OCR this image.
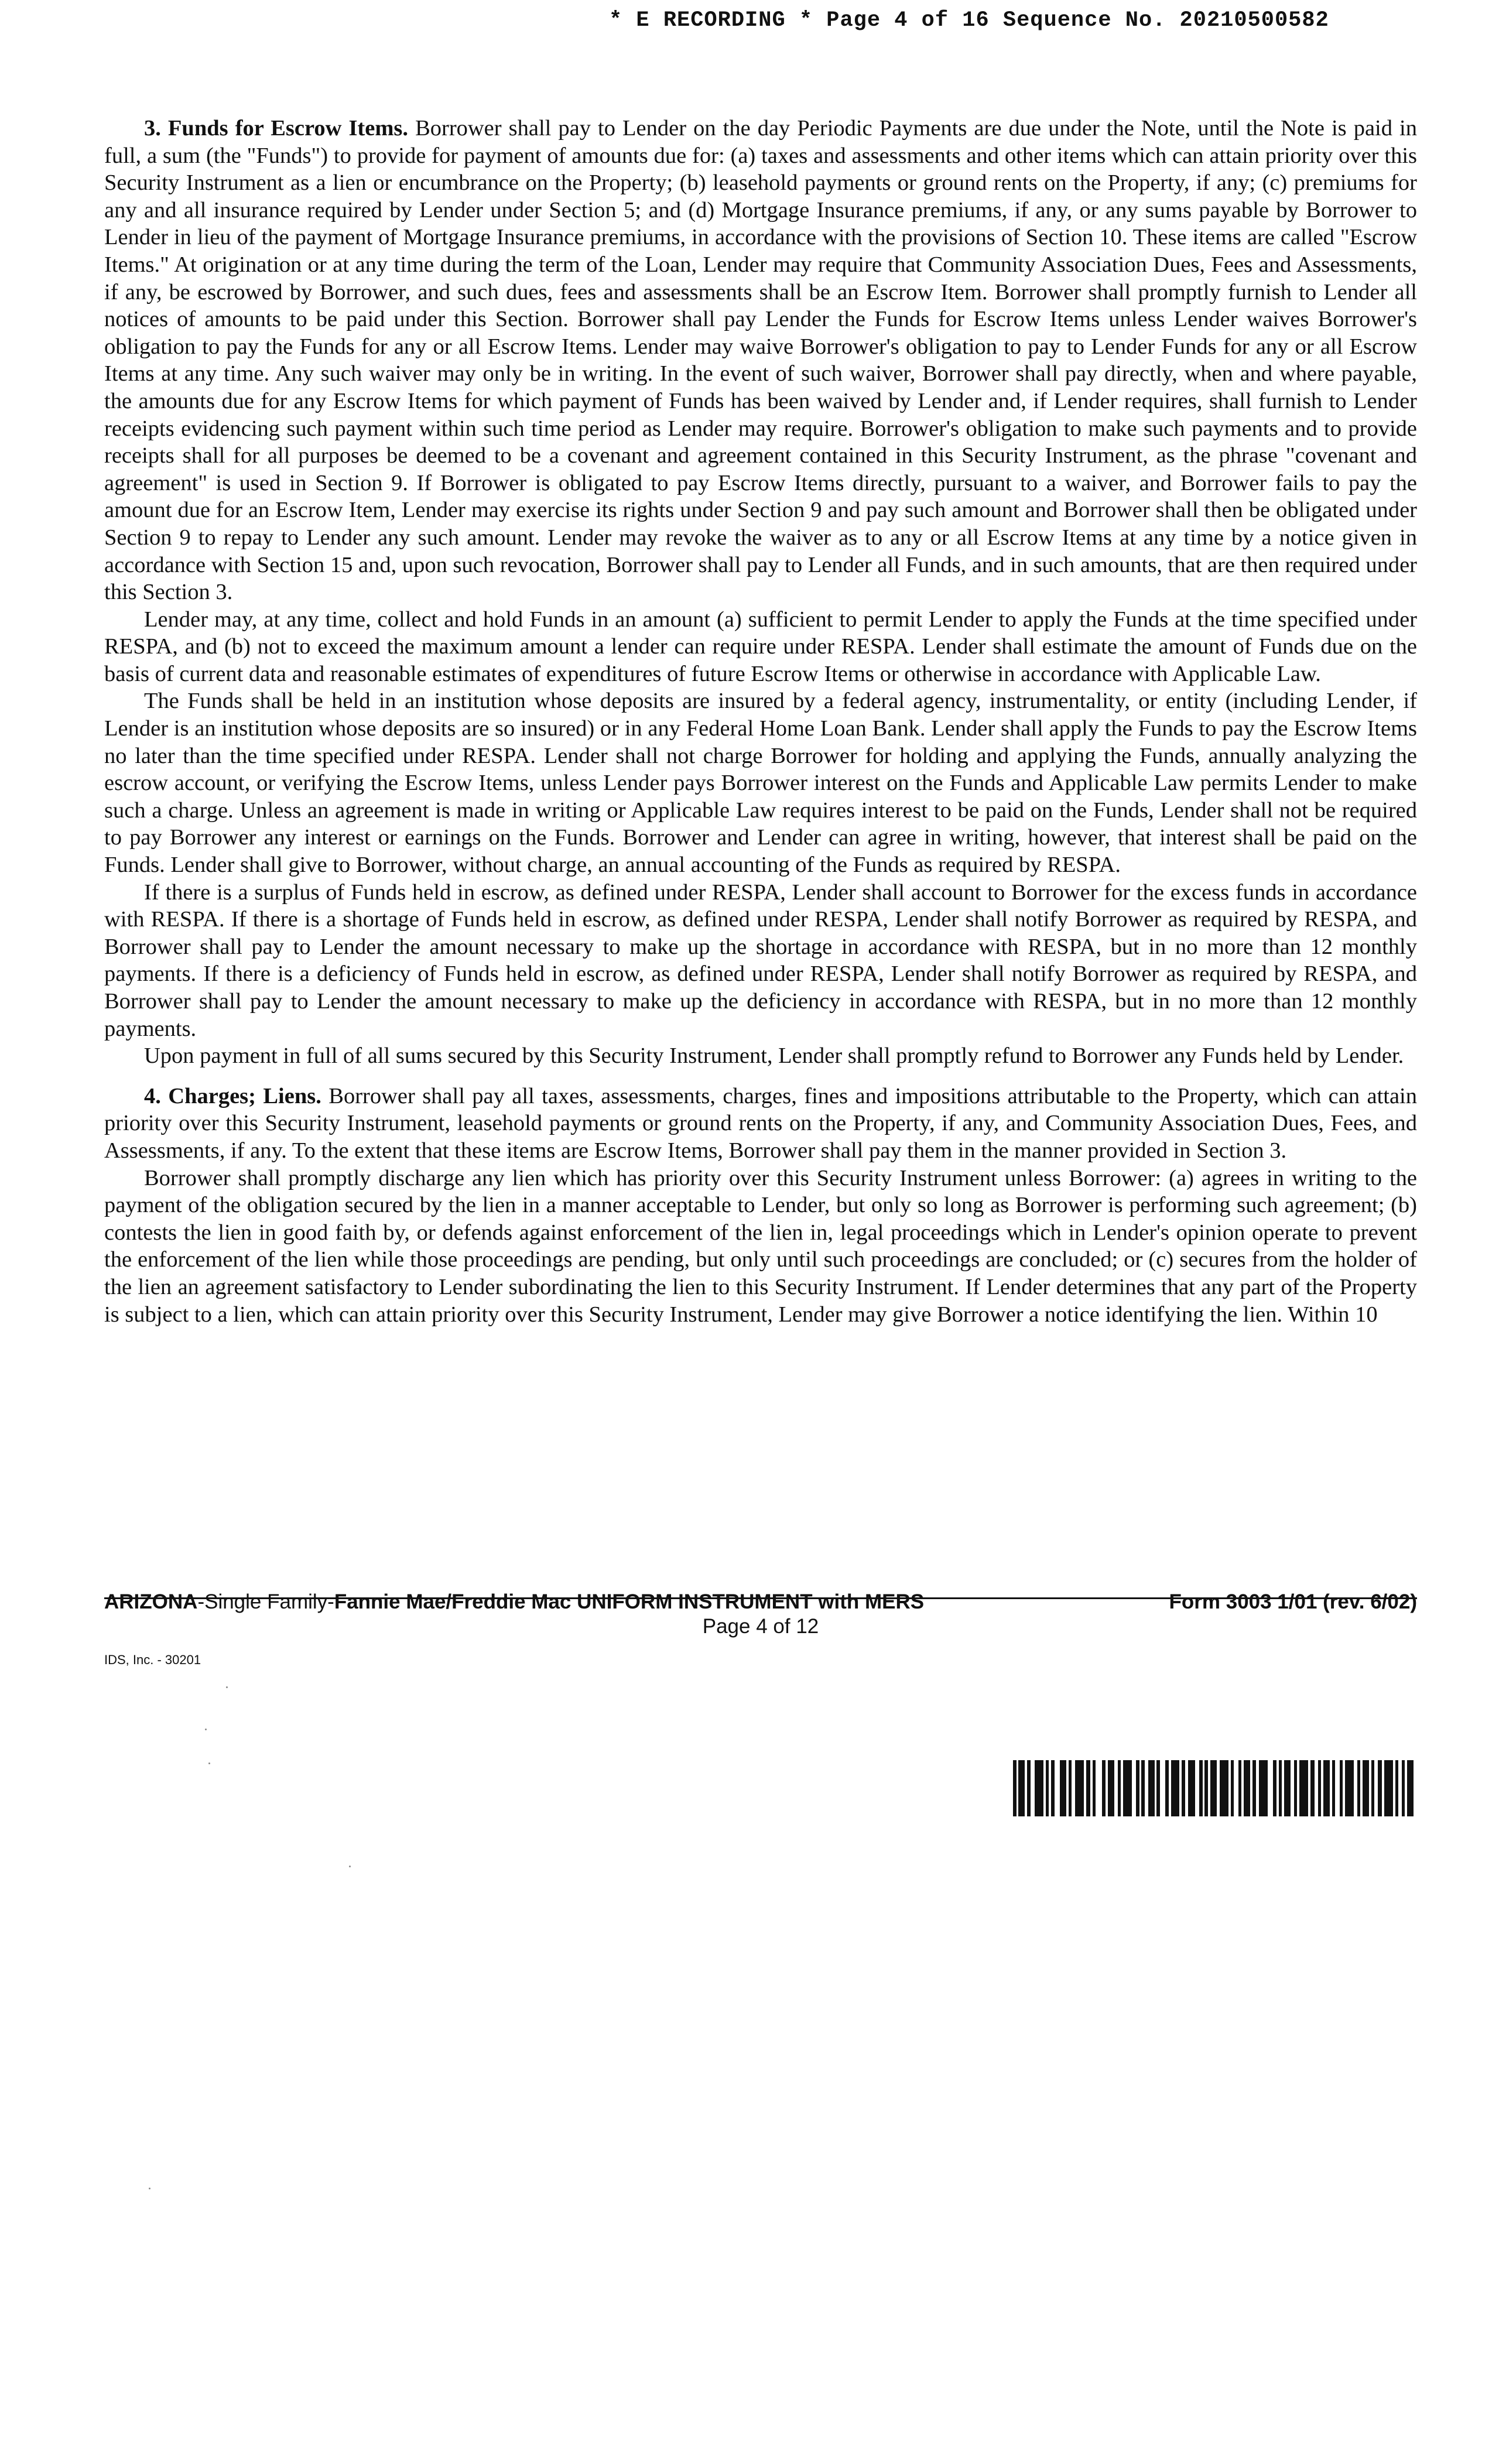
* E RECORDING * Page 4 of 16 Sequence No. 20210500582

3. Funds for Escrow Items. Borrower shall pay to Lender on the day Periodic Payments are due under the Note, until the Note is paid in full, a sum (the "Funds") to provide for payment of amounts due for: (a) taxes and assessments and other items which can attain priority over this Security Instrument as a lien or encumbrance on the Property; (b) leasehold payments or ground rents on the Property, if any; (c) premiums for any and all insurance required by Lender under Section 5; and (d) Mortgage Insurance premiums, if any, or any sums payable by Borrower to Lender in lieu of the payment of Mortgage Insurance premiums, in accordance with the provisions of Section 10. These items are called "Escrow Items." At origination or at any time during the term of the Loan, Lender may require that Community Association Dues, Fees and Assessments, if any, be escrowed by Borrower, and such dues, fees and assessments shall be an Escrow Item. Borrower shall promptly furnish to Lender all notices of amounts to be paid under this Section. Borrower shall pay Lender the Funds for Escrow Items unless Lender waives Borrower's obligation to pay the Funds for any or all Escrow Items. Lender may waive Borrower's obligation to pay to Lender Funds for any or all Escrow Items at any time. Any such waiver may only be in writing. In the event of such waiver, Borrower shall pay directly, when and where payable, the amounts due for any Escrow Items for which payment of Funds has been waived by Lender and, if Lender requires, shall furnish to Lender receipts evidencing such payment within such time period as Lender may require. Borrower's obligation to make such payments and to provide receipts shall for all purposes be deemed to be a covenant and agreement contained in this Security Instrument, as the phrase "covenant and agreement" is used in Section 9. If Borrower is obligated to pay Escrow Items directly, pursuant to a waiver, and Borrower fails to pay the amount due for an Escrow Item, Lender may exercise its rights under Section 9 and pay such amount and Borrower shall then be obligated under Section 9 to repay to Lender any such amount. Lender may revoke the waiver as to any or all Escrow Items at any time by a notice given in accordance with Section 15 and, upon such revocation, Borrower shall pay to Lender all Funds, and in such amounts, that are then required under this Section 3.

Lender may, at any time, collect and hold Funds in an amount (a) sufficient to permit Lender to apply the Funds at the time specified under RESPA, and (b) not to exceed the maximum amount a lender can require under RESPA. Lender shall estimate the amount of Funds due on the basis of current data and reasonable estimates of expenditures of future Escrow Items or otherwise in accordance with Applicable Law.

The Funds shall be held in an institution whose deposits are insured by a federal agency, instrumentality, or entity (including Lender, if Lender is an institution whose deposits are so insured) or in any Federal Home Loan Bank. Lender shall apply the Funds to pay the Escrow Items no later than the time specified under RESPA. Lender shall not charge Borrower for holding and applying the Funds, annually analyzing the escrow account, or verifying the Escrow Items, unless Lender pays Borrower interest on the Funds and Applicable Law permits Lender to make such a charge. Unless an agreement is made in writing or Applicable Law requires interest to be paid on the Funds, Lender shall not be required to pay Borrower any interest or earnings on the Funds. Borrower and Lender can agree in writing, however, that interest shall be paid on the Funds. Lender shall give to Borrower, without charge, an annual accounting of the Funds as required by RESPA.

If there is a surplus of Funds held in escrow, as defined under RESPA, Lender shall account to Borrower for the excess funds in accordance with RESPA. If there is a shortage of Funds held in escrow, as defined under RESPA, Lender shall notify Borrower as required by RESPA, and Borrower shall pay to Lender the amount necessary to make up the shortage in accordance with RESPA, but in no more than 12 monthly payments. If there is a deficiency of Funds held in escrow, as defined under RESPA, Lender shall notify Borrower as required by RESPA, and Borrower shall pay to Lender the amount necessary to make up the deficiency in accordance with RESPA, but in no more than 12 monthly payments.

Upon payment in full of all sums secured by this Security Instrument, Lender shall promptly refund to Borrower any Funds held by Lender.

4. Charges; Liens. Borrower shall pay all taxes, assessments, charges, fines and impositions attributable to the Property, which can attain priority over this Security Instrument, leasehold payments or ground rents on the Property, if any, and Community Association Dues, Fees, and Assessments, if any. To the extent that these items are Escrow Items, Borrower shall pay them in the manner provided in Section 3.

Borrower shall promptly discharge any lien which has priority over this Security Instrument unless Borrower: (a) agrees in writing to the payment of the obligation secured by the lien in a manner acceptable to Lender, but only so long as Borrower is performing such agreement; (b) contests the lien in good faith by, or defends against enforcement of the lien in, legal proceedings which in Lender's opinion operate to prevent the enforcement of the lien while those proceedings are pending, but only until such proceedings are concluded; or (c) secures from the holder of the lien an agreement satisfactory to Lender subordinating the lien to this Security Instrument. If Lender determines that any part of the Property is subject to a lien, which can attain priority over this Security Instrument, Lender may give Borrower a notice identifying the lien. Within 10

ARIZONA-Single Family-Fannie Mae/Freddie Mac UNIFORM INSTRUMENT with MERS	Form 3003 1/01 (rev. 6/02)
Page 4 of 12
IDS, Inc. - 30201
